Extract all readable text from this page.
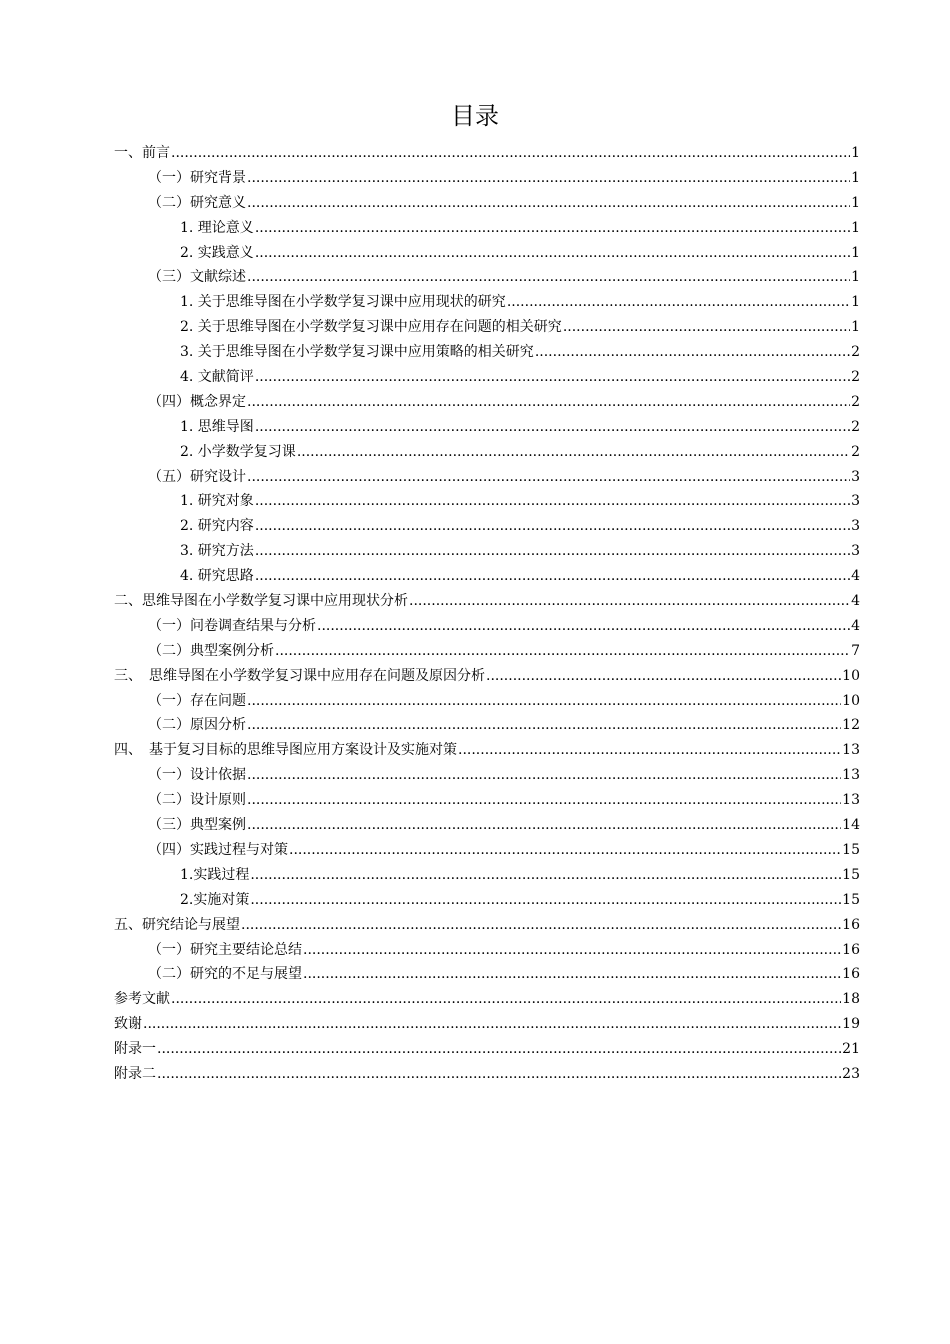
目录
一、前言 .....	1
（一）研究背景 .....	1
（二）研究意义 .....	1
1. 理论意义 .....	1
2. 实践意义 .....	1
（三）文献综述 .....	1
1. 关于思维导图在小学数学复习课中应用现状的研究 .....	1
2. 关于思维导图在小学数学复习课中应用存在问题的相关研究 .....	1
3. 关于思维导图在小学数学复习课中应用策略的相关研究 .....	2
4. 文献简评 .....	2
（四）概念界定 .....	2
1. 思维导图 .....	2
2. 小学数学复习课 .....	2
（五）研究设计 .....	3
1. 研究对象 .....	3
2. 研究内容 .....	3
3. 研究方法 .....	3
4. 研究思路 .....	4
二、思维导图在小学数学复习课中应用现状分析 .....	4
（一）问卷调查结果与分析 .....	4
（二）典型案例分析 .....	7
三、　思维导图在小学数学复习课中应用存在问题及原因分析 .....	10
（一）存在问题 .....	10
（二）原因分析 .....	12
四、　基于复习目标的思维导图应用方案设计及实施对策 .....	13
（一）设计依据 .....	13
（二）设计原则 .....	13
（三）典型案例 .....	14
（四）实践过程与对策 .....	15
1.实践过程 .....	15
2.实施对策 .....	15
五、研究结论与展望 .....	16
（一）研究主要结论总结 .....	16
（二）研究的不足与展望 .....	16
参考文献 .....	18
致谢 .....	19
附录一 .....	21
附录二 .....	23
